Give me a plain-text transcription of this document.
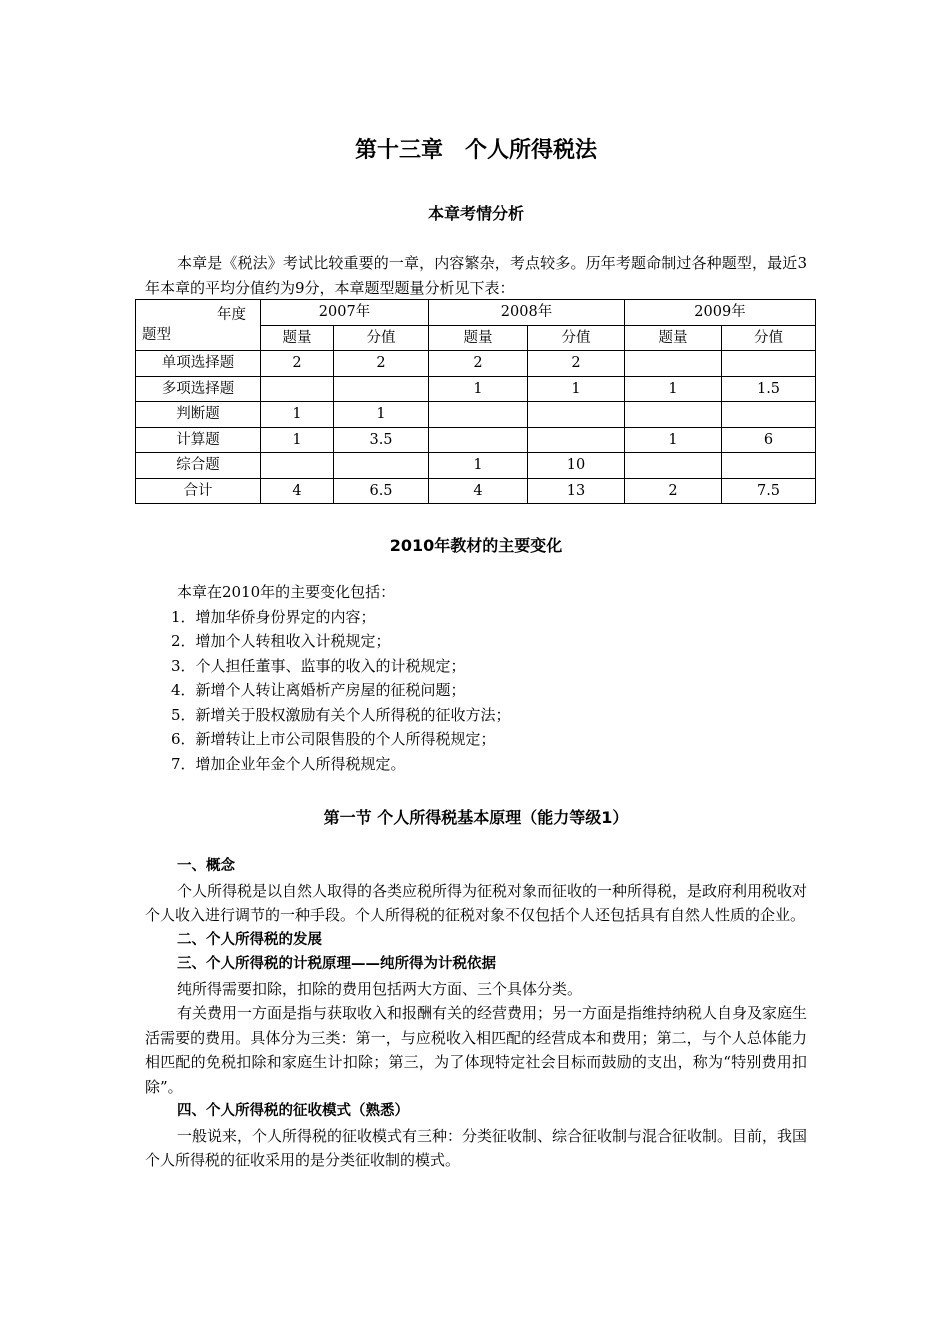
第十三章　个人所得税法
本章考情分析

本章是《税法》考试比较重要的一章，内容繁杂，考点较多。历年考题命制过各种题型，最近3年本章的平均分值约为9分，本章题型题量分析见下表：

年度
题型	2007年		2008年		2009年	
	题量	分值	题量	分值	题量	分值
单项选择题	2	2	2	2		
多项选择题			1	1	1	1.5
判断题	1	1				
计算题	1	3.5			1	6
综合题			1	10		
合计	4	6.5	4	13	2	7.5
2010年教材的主要变化
本章在2010年的主要变化包括：
1．增加华侨身份界定的内容；
2．增加个人转租收入计税规定；
3．个人担任董事、监事的收入的计税规定；
4．新增个人转让离婚析产房屋的征税问题；
5．新增关于股权激励有关个人所得税的征收方法；
6．新增转让上市公司限售股的个人所得税规定；
7．增加企业年金个人所得税规定。
第一节 个人所得税基本原理（能力等级1）
一、概念

个人所得税是以自然人取得的各类应税所得为征税对象而征收的一种所得税，是政府利用税收对个人收入进行调节的一种手段。个人所得税的征税对象不仅包括个人还包括具有自然人性质的企业。

二、个人所得税的发展
三、个人所得税的计税原理——纯所得为计税依据

纯所得需要扣除，扣除的费用包括两大方面、三个具体分类。

有关费用一方面是指与获取收入和报酬有关的经营费用；另一方面是指维持纳税人自身及家庭生活需要的费用。具体分为三类：第一，与应税收入相匹配的经营成本和费用；第二，与个人总体能力相匹配的免税扣除和家庭生计扣除；第三，为了体现特定社会目标而鼓励的支出，称为“特别费用扣除”。

四、个人所得税的征收模式（熟悉）

一般说来，个人所得税的征收模式有三种：分类征收制、综合征收制与混合征收制。目前，我国个人所得税的征收采用的是分类征收制的模式。
